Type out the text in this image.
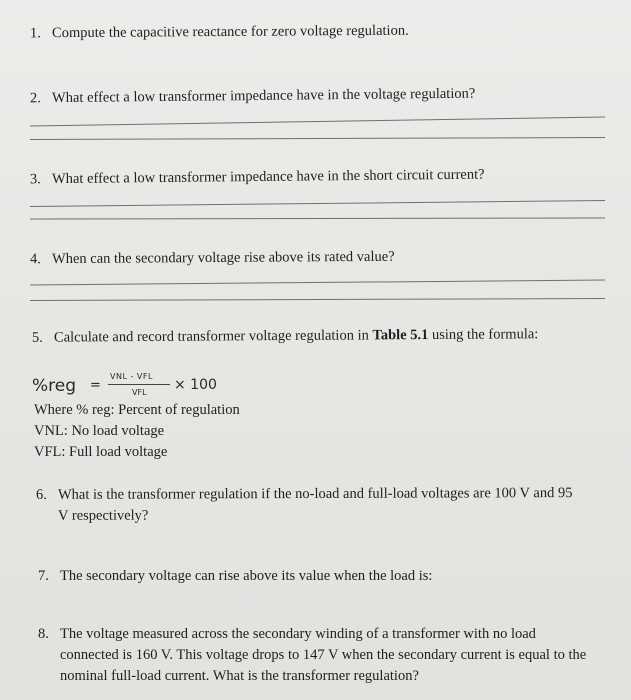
1. Compute the capacitive reactance for zero voltage regulation.
2. What effect a low transformer impedance have in the voltage regulation?
3. What effect a low transformer impedance have in the short circuit current?
4. When can the secondary voltage rise above its rated value?
5. Calculate and record transformer voltage regulation in Table 5.1 using the formula:
%reg =
VNL - VFL
VFL × 100
Where % reg: Percent of regulation
VNL: No load voltage
VFL: Full load voltage
6. What is the transformer regulation if the no-load and full-load voltages are 100 V and 95
V respectively?
7. The secondary voltage can rise above its value when the load is:
8. The voltage measured across the secondary winding of a transformer with no load
connected is 160 V. This voltage drops to 147 V when the secondary current is equal to the
nominal full-load current. What is the transformer regulation?
